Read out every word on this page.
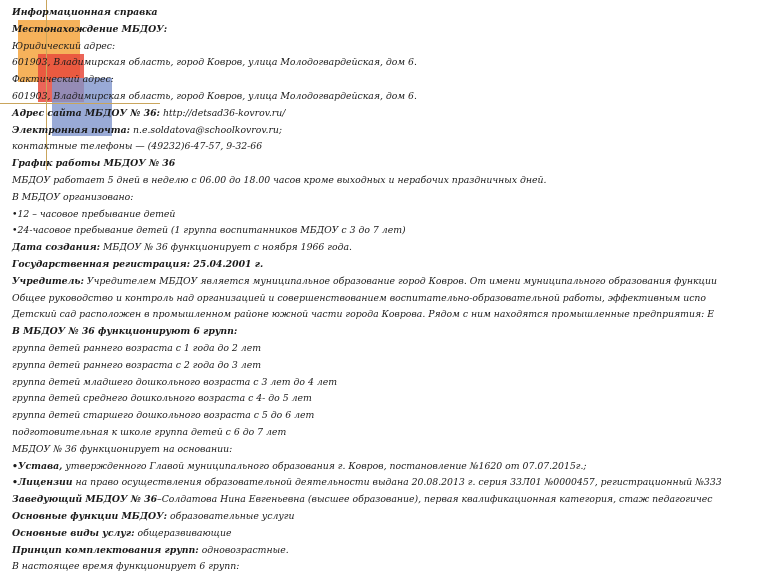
Информационная справка
Местонахождение МБДОУ:
Юридический адрес:
601903, Владимирская область, город Ковров, улица Молодогвардейская, дом 6.
Фактический адрес:
601903, Владимирская область, город Ковров, улица Молодогвардейская, дом 6.
Адрес сайта МБДОУ № 36: http://detsad36-kovrov.ru/
Электронная почта: n.e.soldatova@schoolkovrov.ru;
контактные телефоны — (49232)6-47-57, 9-32-66
График работы МБДОУ № 36
МБДОУ работает 5 дней в неделю с 06.00 до 18.00 часов кроме выходных и нерабочих праздничных дней.
В МБДОУ организовано:
•12 – часовое пребывание детей
•24-часовое пребывание детей (1 группа воспитанников МБДОУ с 3 до 7 лет)
Дата создания: МБДОУ № 36 функционирует с ноября 1966 года.
Государственная регистрация: 25.04.2001 г.
Учредитель: Учредителем МБДОУ является муниципальное образование город Ковров. От имени муниципального образования функции
Общее руководство и контроль над организацией и совершенствованием воспитательно-образовательной работы, эффективным испо
Детский сад расположен в промышленном районе южной части города Коврова. Рядом с ним находятся промышленные предприятия: Е
В МБДОУ № 36 функционируют 6 групп:
группа детей раннего возраста с 1 года до 2 лет
группа детей раннего возраста с 2 года до 3 лет
группа детей младшего дошкольного возраста с 3 лет до 4 лет
группа детей среднего дошкольного возраста с 4- до 5 лет
группа детей старшего дошкольного возраста с 5 до 6 лет
подготовительная к школе группа детей с 6 до 7 лет
МБДОУ № 36 функционирует на основании:
•Устава, утвержденного Главой муниципального образования г. Ковров, постановление №1620 от 07.07.2015г.;
•Лицензии на право осуществления образовательной деятельности выдана 20.08.2013 г. серия 33Л01 №0000457, регистрационный №333
Заведующий МБДОУ № 36–Солдатова Нина Евгеньевна (высшее образование), первая квалификационная категория, стаж педагогичес
Основные функции МБДОУ: образовательные услуги
Основные виды услуг: общеразвивающие
Принцип комплектования групп: одновозрастные.
В настоящее время функционирует 6 групп:
